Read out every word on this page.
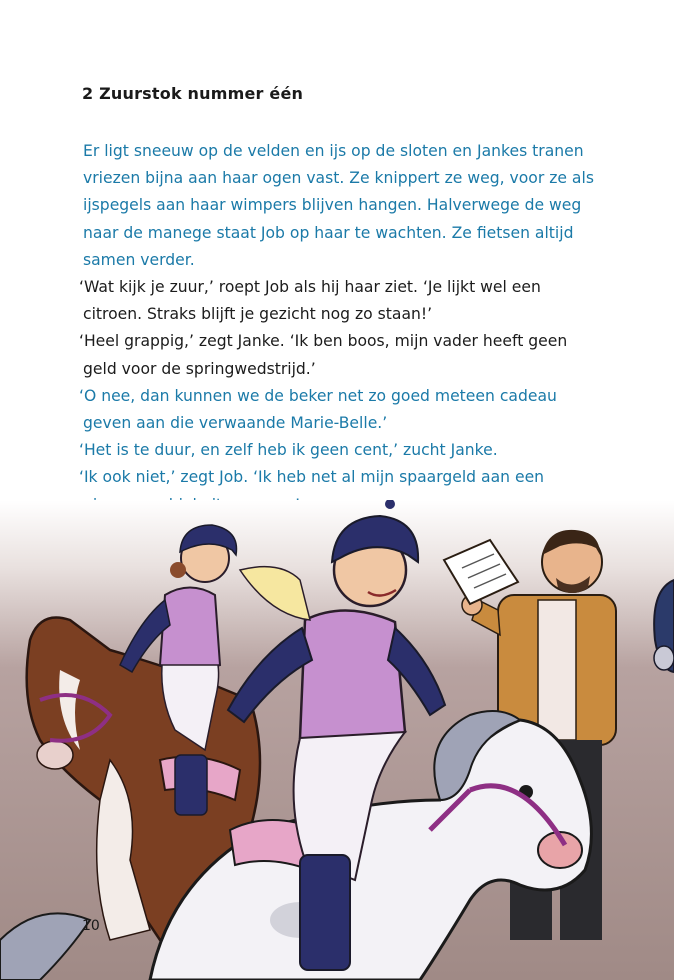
2 Zuurstok nummer één

Er ligt sneeuw op de velden en ijs op de sloten en Jankes tranen vriezen bijna aan haar ogen vast. Ze knippert ze weg, voor ze als ijspegels aan haar wimpers blijven hangen. Halverwege de weg naar de manege staat Job op haar te wachten. Ze fietsen altijd samen verder.

‘Wat kijk je zuur,’ roept Job als hij haar ziet. ‘Je lijkt wel een citroen. Straks blijft je gezicht nog zo staan!’

‘Heel grappig,’ zegt Janke. ‘Ik ben boos, mijn vader heeft geen geld voor de springwedstrijd.’

‘O nee, dan kunnen we de beker net zo goed meteen cadeau geven aan die verwaande Marie-Belle.’

‘Het is te duur, en zelf heb ik geen cent,’ zucht Janke.

‘Ik ook niet,’ zegt Job. ‘Ik heb net al mijn spaargeld aan een

10
